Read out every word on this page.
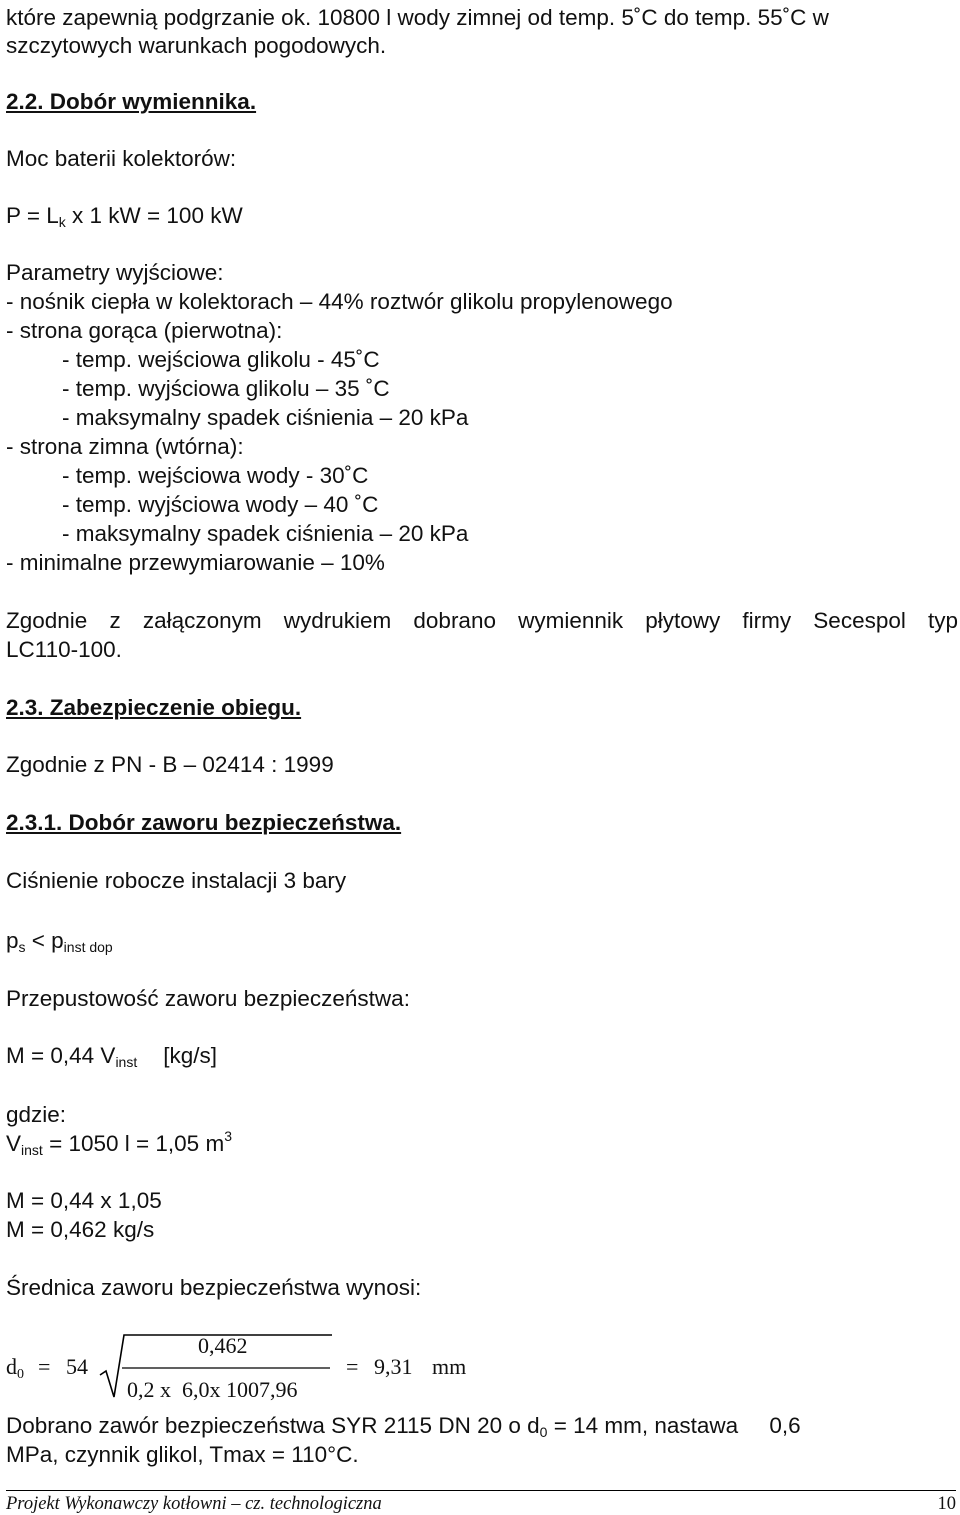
które zapewnią podgrzanie ok. 10800 l wody zimnej od temp. 5˚C do temp. 55˚C w
szczytowych warunkach pogodowych.
2.2. Dobór wymiennika.
Moc baterii kolektorów:
$P = L_k$ x 1 kW = 100 kW
Parametry wyjściowe:
- nośnik ciepła w kolektorach – 44% roztwór glikolu propylenowego
- strona gorąca (pierwotna):
- temp. wejściowa glikolu - 45˚C
- temp. wyjściowa glikolu – 35 ˚C
- maksymalny spadek ciśnienia – 20 kPa
- strona zimna (wtórna):
- temp. wejściowa wody - 30˚C
- temp. wyjściowa wody – 40 ˚C
- maksymalny spadek ciśnienia – 20 kPa
- minimalne przewymiarowanie – 10%
Zgodnie z załączonym wydrukiem dobrano wymiennik płytowy firmy Secespol typ
LC110-100.
2.3. Zabezpieczenie obiegu.
Zgodnie z PN - B – 02414 : 1999
2.3.1. Dobór zaworu bezpieczeństwa.
Ciśnienie robocze instalacji 3 bary
$p_s < p_{inst dop}$
Przepustowość zaworu bezpieczeństwa:
M = 0,44 $V_{inst}$ [kg/s]
gdzie:
$V_{inst} = 1050$ l = 1,05 $m^3$
M = 0,44 x 1,05
M = 0,462 kg/s
Średnica zaworu bezpieczeństwa wynosi:
$d_0 = 54$
0,462
0,2 x  6,0x 1007,96
= 9,31 mm
Dobrano zawór bezpieczeństwa SYR 2115 DN 20 o $d_0 = 14$ mm, nastawa     0,6
MPa, czynnik glikol, Tmax = 110°C.
Projekt Wykonawczy kotłowni – cz. technologiczna	10
